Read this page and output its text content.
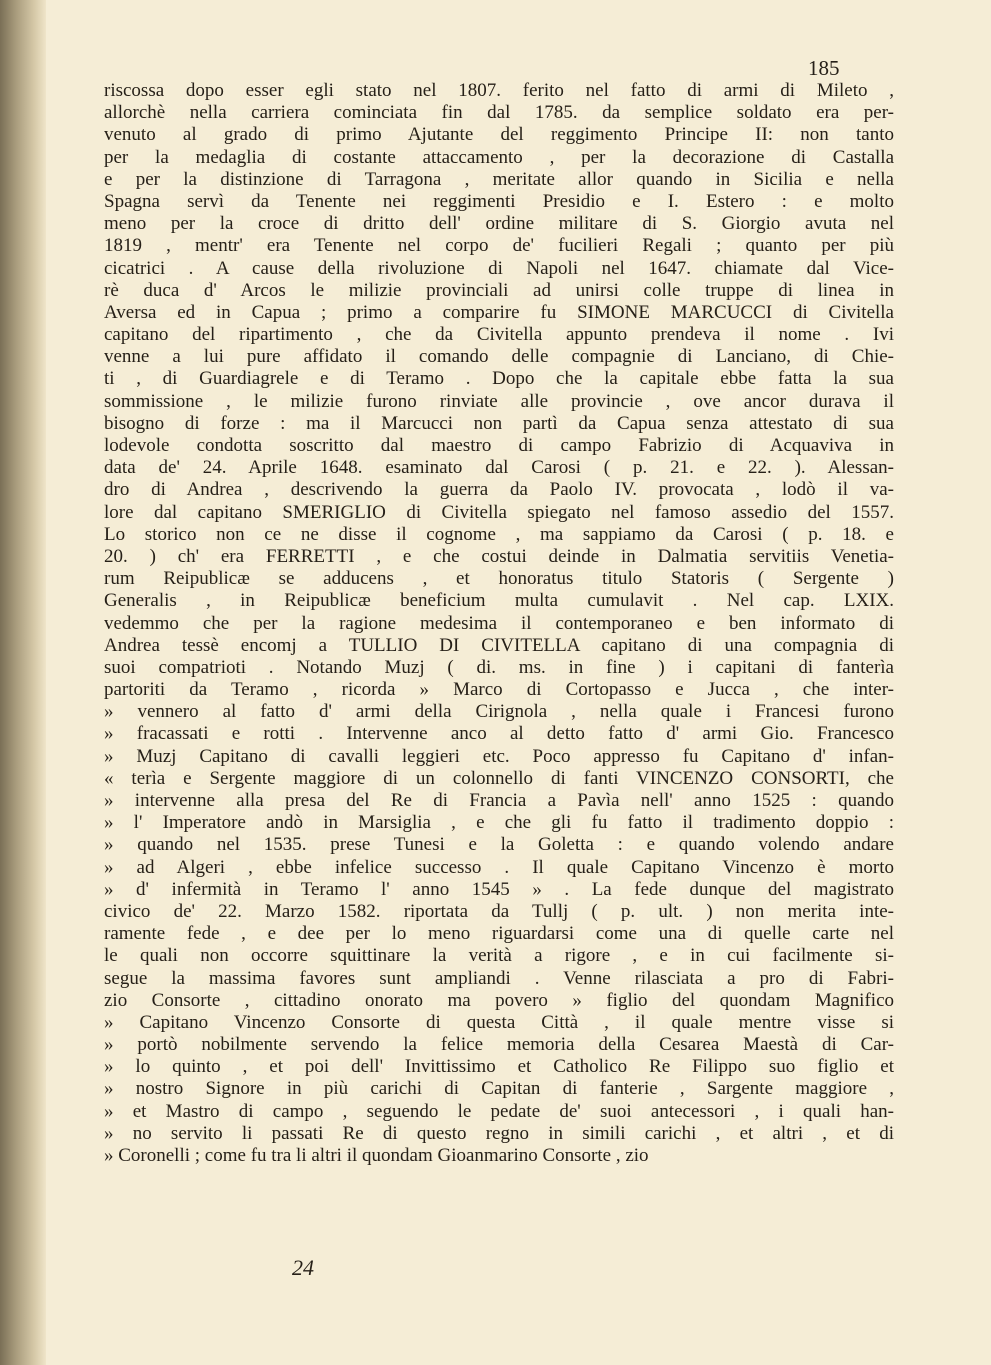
185
riscossa dopo esser egli stato nel 1807. ferito nel fatto di armi di Mileto ,
allorchè nella carriera cominciata fin dal 1785. da semplice soldato era per-
venuto al grado di primo Ajutante del reggimento Principe II: non tanto
per la medaglia di costante attaccamento , per la decorazione di Castalla
e per la distinzione di Tarragona , meritate allor quando in Sicilia e nella
Spagna servì da Tenente nei reggimenti Presidio e I. Estero : e molto
meno per la croce di dritto dell' ordine militare di S. Giorgio avuta nel
1819 , mentr' era Tenente nel corpo de' fucilieri Regali ; quanto per più
cicatrici . A cause della rivoluzione di Napoli nel 1647. chiamate dal Vice-
rè duca d' Arcos le milizie provinciali ad unirsi colle truppe di linea in
Aversa ed in Capua ; primo a comparire fu SIMONE MARCUCCI di Civitella
capitano del ripartimento , che da Civitella appunto prendeva il nome . Ivi
venne a lui pure affidato il comando delle compagnie di Lanciano, di Chie-
ti , di Guardiagrele e di Teramo . Dopo che la capitale ebbe fatta la sua
sommissione , le milizie furono rinviate alle provincie , ove ancor durava il
bisogno di forze : ma il Marcucci non partì da Capua senza attestato di sua
lodevole condotta soscritto dal maestro di campo Fabrizio di Acquaviva in
data de' 24. Aprile 1648. esaminato dal Carosi ( p. 21. e 22. ). Alessan-
dro di Andrea , descrivendo la guerra da Paolo IV. provocata , lodò il va-
lore dal capitano SMERIGLIO di Civitella spiegato nel famoso assedio del 1557.
Lo storico non ce ne disse il cognome , ma sappiamo da Carosi ( p. 18. e
20. ) ch' era FERRETTI , e che costui deinde in Dalmatia servitiis Venetia-
rum Reipublicæ se adducens , et honoratus titulo Statoris ( Sergente )
Generalis , in Reipublicæ beneficium multa cumulavit . Nel cap. LXIX.
vedemmo che per la ragione medesima il contemporaneo e ben informato di
Andrea tessè encomj a TULLIO DI CIVITELLA capitano di una compagnia di
suoi compatrioti . Notando Muzj ( di. ms. in fine ) i capitani di fanterìa
partoriti da Teramo , ricorda » Marco di Cortopasso e Jucca , che inter-
» vennero al fatto d' armi della Cirignola , nella quale i Francesi furono
» fracassati e rotti . Intervenne anco al detto fatto d' armi Gio. Francesco
» Muzj Capitano di cavalli leggieri etc. Poco appresso fu Capitano d' infan-
« terìa e Sergente maggiore di un colonnello di fanti VINCENZO CONSORTI, che
» intervenne alla presa del Re di Francia a Pavìa nell' anno 1525 : quando
» l' Imperatore andò in Marsiglia , e che gli fu fatto il tradimento doppio :
» quando nel 1535. prese Tunesi e la Goletta : e quando volendo andare
» ad Algeri , ebbe infelice successo . Il quale Capitano Vincenzo è morto
» d' infermità in Teramo l' anno 1545 » . La fede dunque del magistrato
civico de' 22. Marzo 1582. riportata da Tullj ( p. ult. ) non merita inte-
ramente fede , e dee per lo meno riguardarsi come una di quelle carte nel
le quali non occorre squittinare la verità a rigore , e in cui facilmente si-
segue la massima favores sunt ampliandi . Venne rilasciata a pro di Fabri-
zio Consorte , cittadino onorato ma povero » figlio del quondam Magnifico
» Capitano Vincenzo Consorte di questa Città , il quale mentre visse si
» portò nobilmente servendo la felice memoria della Cesarea Maestà di Car-
» lo quinto , et poi dell' Invittissimo et Catholico Re Filippo suo figlio et
» nostro Signore in più carichi di Capitan di fanterie , Sargente maggiore ,
» et Mastro di campo , seguendo le pedate de' suoi antecessori , i quali han-
» no servito li passati Re di questo regno in simili carichi , et altri , et di
» Coronelli ; come fu tra li altri il quondam Gioanmarino Consorte , zio
24
